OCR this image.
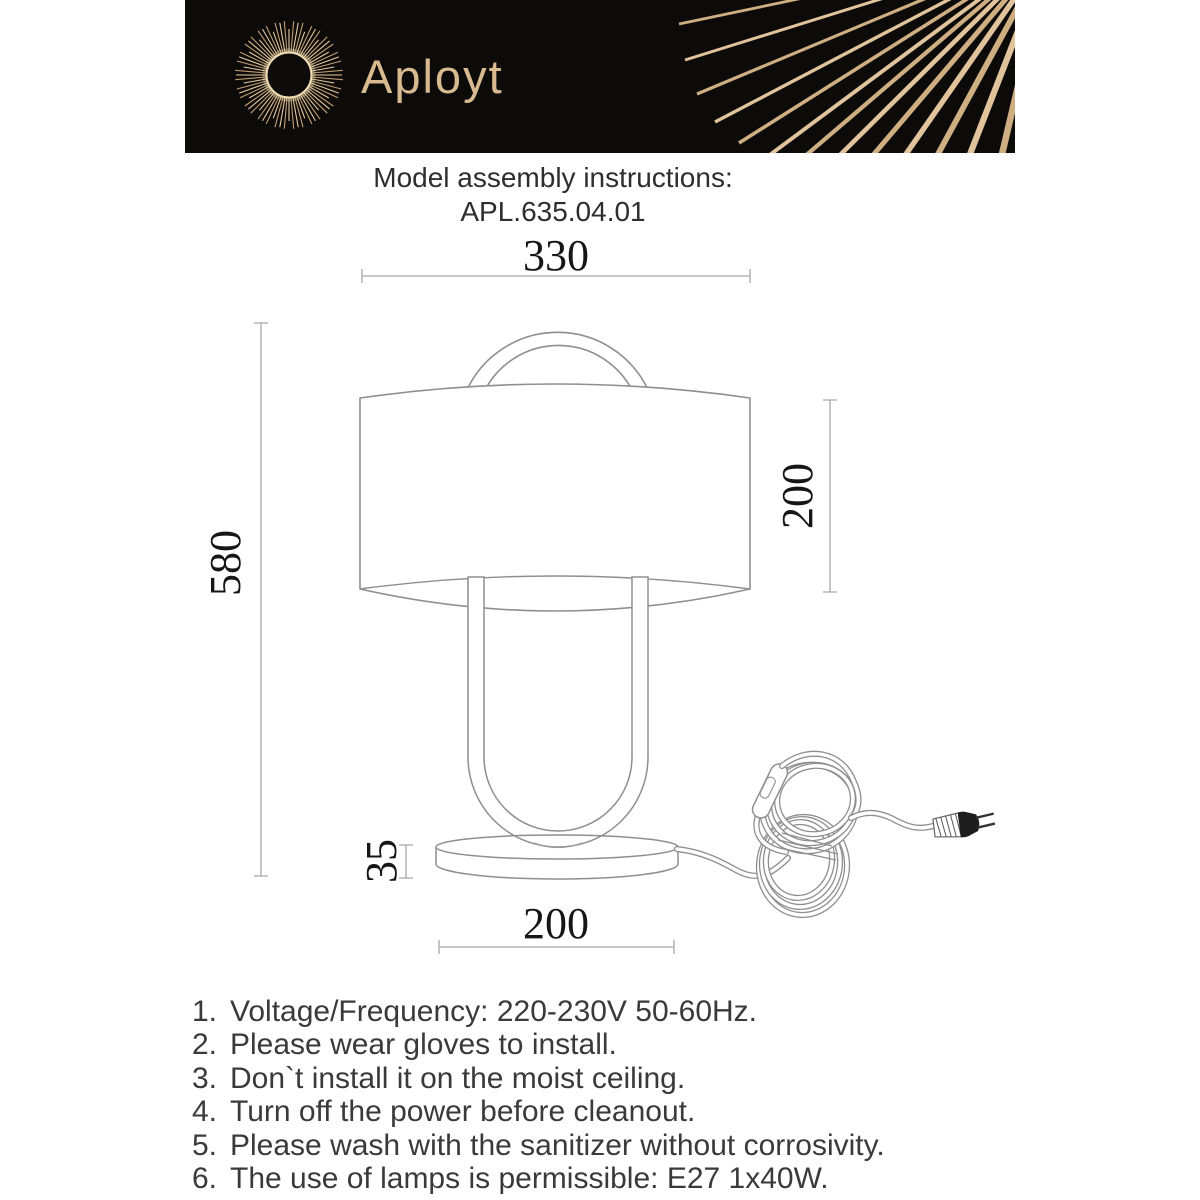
Aployt
Model assembly instructions:
APL.635.04.01
330
580
200
35
200
1. Voltage/Frequency: 220-230V 50-60Hz.
2. Please wear gloves to install.
3. Don`t install it on the moist ceiling.
4. Turn off the power before cleanout.
5. Please wash with the sanitizer without corrosivity.
6. The use of lamps is permissible: E27 1x40W.
